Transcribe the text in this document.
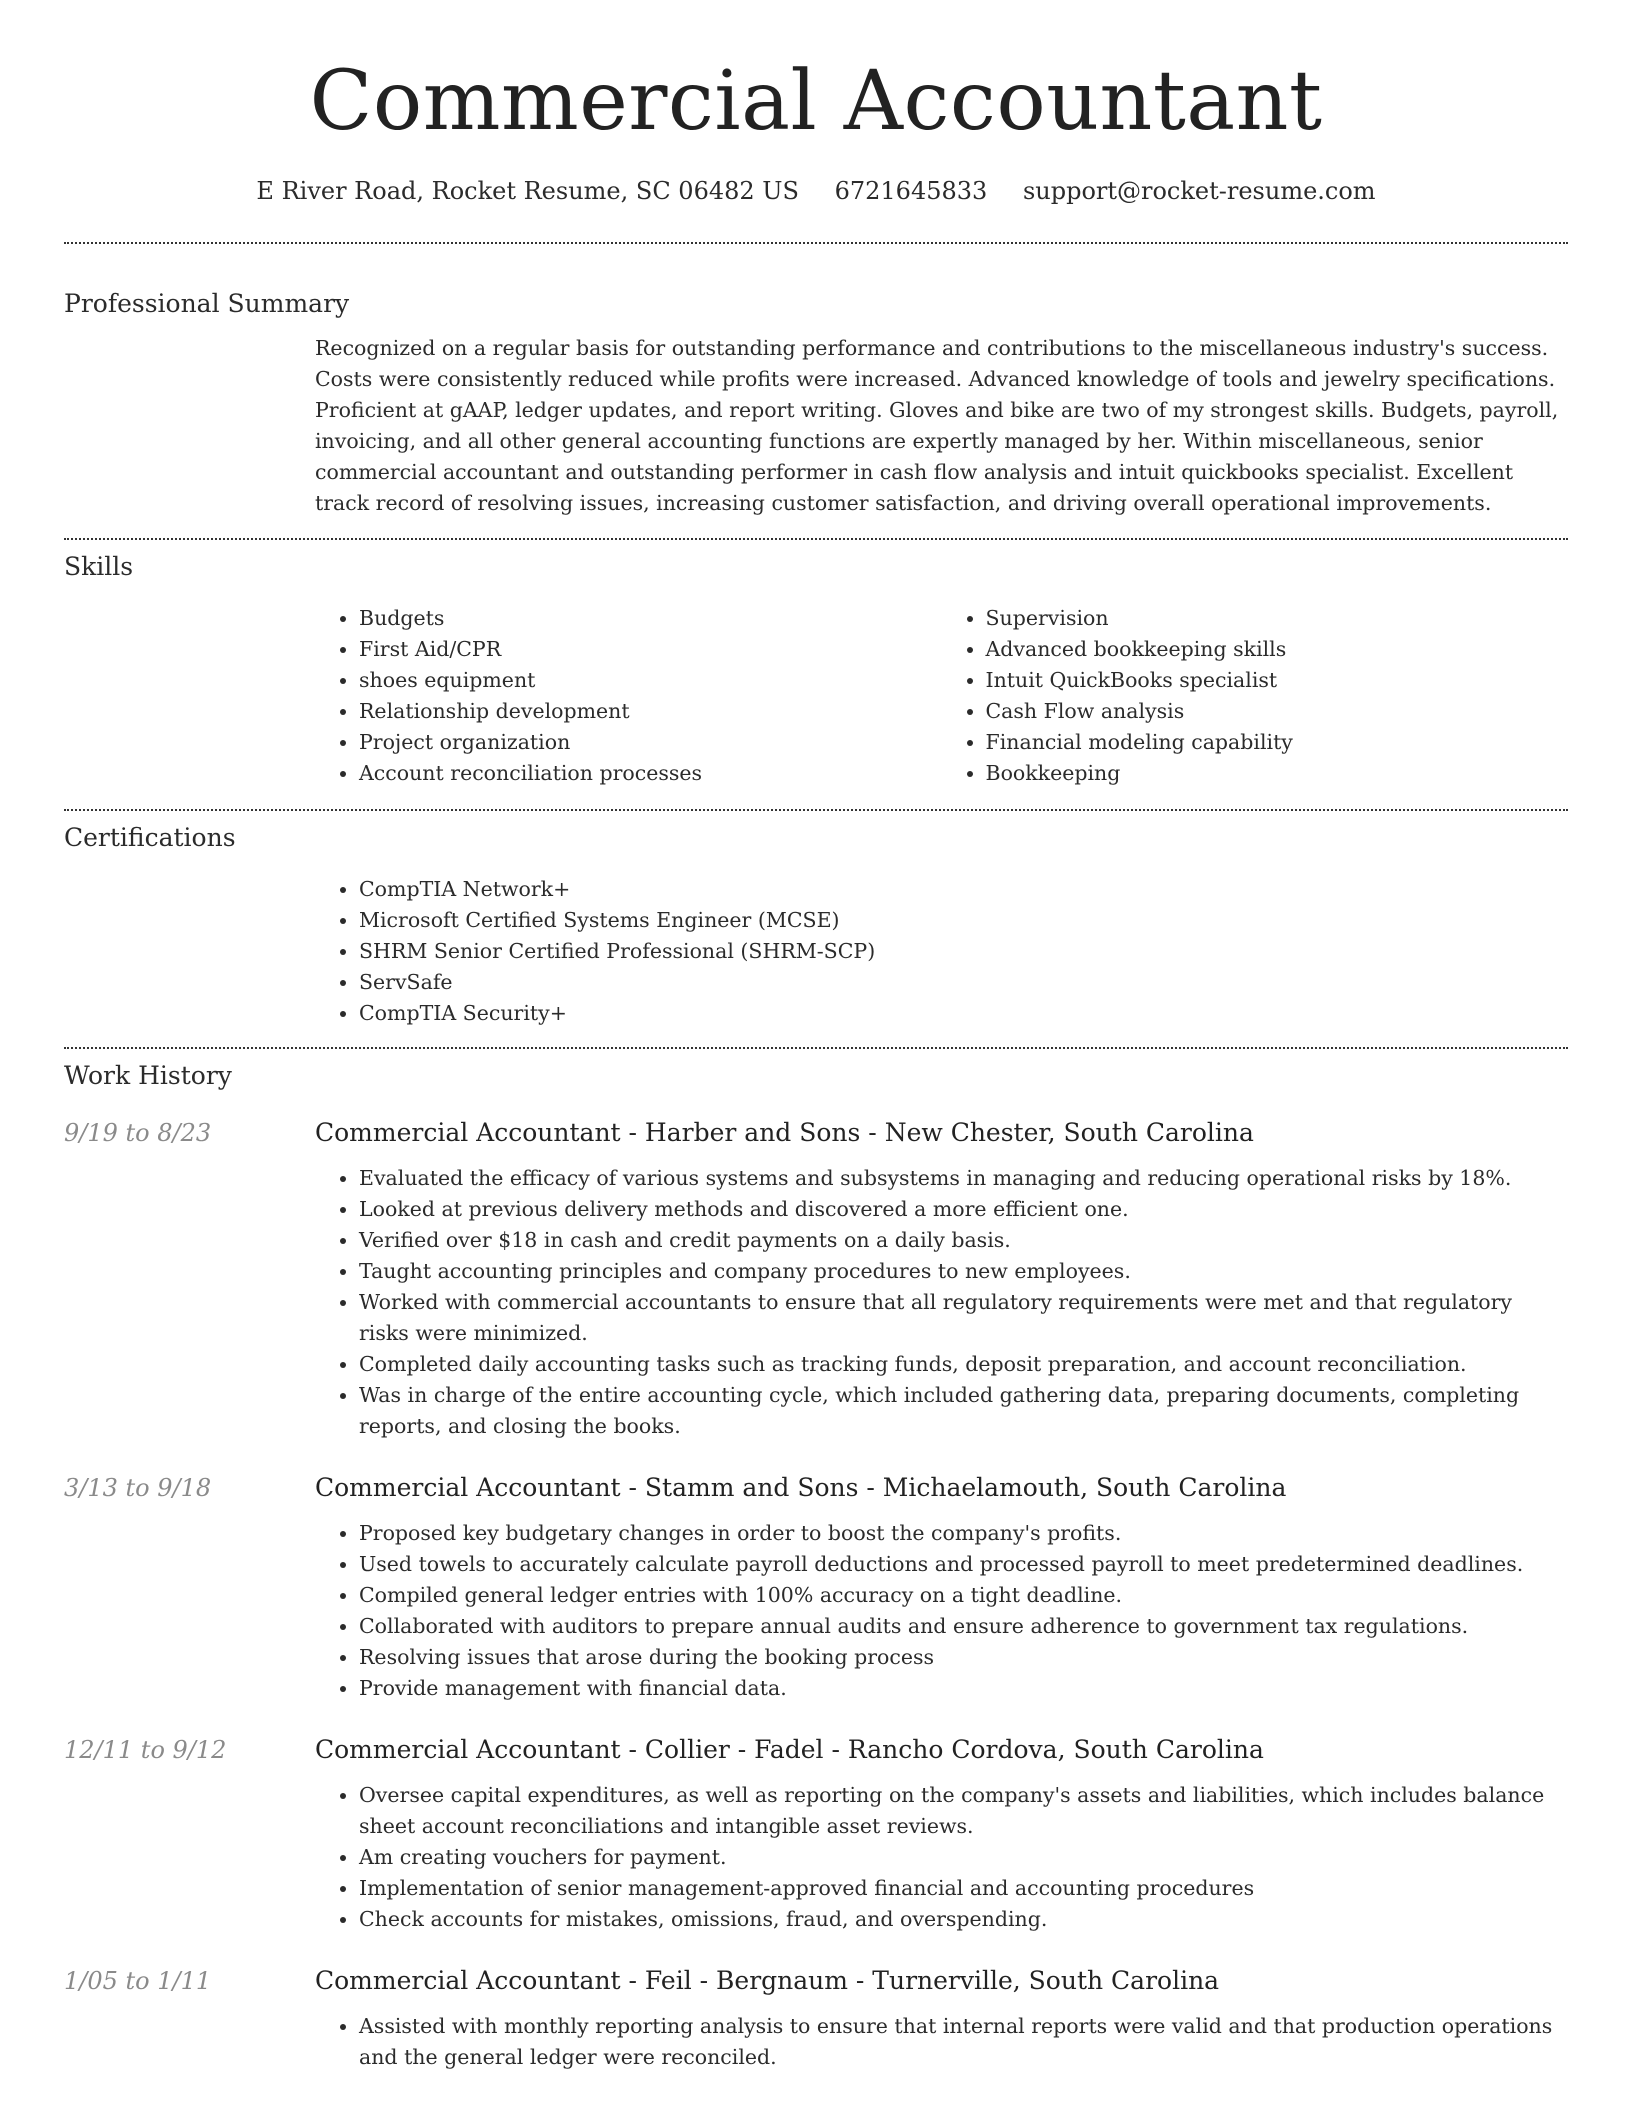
Commercial Accountant
E River Road, Rocket Resume, SC 06482 US 6721645833 support@rocket-resume.com
Professional Summary

Recognized on a regular basis for outstanding performance and contributions to the miscellaneous industry's success. Costs were consistently reduced while profits were increased. Advanced knowledge of tools and jewelry specifications. Proficient at gAAP, ledger updates, and report writing. Gloves and bike are two of my strongest skills. Budgets, payroll, invoicing, and all other general accounting functions are expertly managed by her. Within miscellaneous, senior commercial accountant and outstanding performer in cash flow analysis and intuit quickbooks specialist. Excellent track record of resolving issues, increasing customer satisfaction, and driving overall operational improvements.

Skills
• Budgets
• First Aid/CPR
• shoes equipment
• Relationship development
• Project organization
• Account reconciliation processes
• Supervision
• Advanced bookkeeping skills
• Intuit QuickBooks specialist
• Cash Flow analysis
• Financial modeling capability
• Bookkeeping
Certifications
• CompTIA Network+
• Microsoft Certified Systems Engineer (MCSE)
• SHRM Senior Certified Professional (SHRM-SCP)
• ServSafe
• CompTIA Security+
Work History
9/19 to 8/23	Commercial Accountant - Harber and Sons - New Chester, South Carolina
• Evaluated the efficacy of various systems and subsystems in managing and reducing operational risks by 18%.
• Looked at previous delivery methods and discovered a more efficient one.
• Verified over $18 in cash and credit payments on a daily basis.
• Taught accounting principles and company procedures to new employees.
• Worked with commercial accountants to ensure that all regulatory requirements were met and that regulatory risks were minimized.
• Completed daily accounting tasks such as tracking funds, deposit preparation, and account reconciliation.
• Was in charge of the entire accounting cycle, which included gathering data, preparing documents, completing reports, and closing the books.
3/13 to 9/18	Commercial Accountant - Stamm and Sons - Michaelamouth, South Carolina
• Proposed key budgetary changes in order to boost the company's profits.
• Used towels to accurately calculate payroll deductions and processed payroll to meet predetermined deadlines.
• Compiled general ledger entries with 100% accuracy on a tight deadline.
• Collaborated with auditors to prepare annual audits and ensure adherence to government tax regulations.
• Resolving issues that arose during the booking process
• Provide management with financial data.
12/11 to 9/12	Commercial Accountant - Collier - Fadel - Rancho Cordova, South Carolina
• Oversee capital expenditures, as well as reporting on the company's assets and liabilities, which includes balance sheet account reconciliations and intangible asset reviews.
• Am creating vouchers for payment.
• Implementation of senior management-approved financial and accounting procedures
• Check accounts for mistakes, omissions, fraud, and overspending.
1/05 to 1/11	Commercial Accountant - Feil - Bergnaum - Turnerville, South Carolina
• Assisted with monthly reporting analysis to ensure that internal reports were valid and that production operations and the general ledger were reconciled.
